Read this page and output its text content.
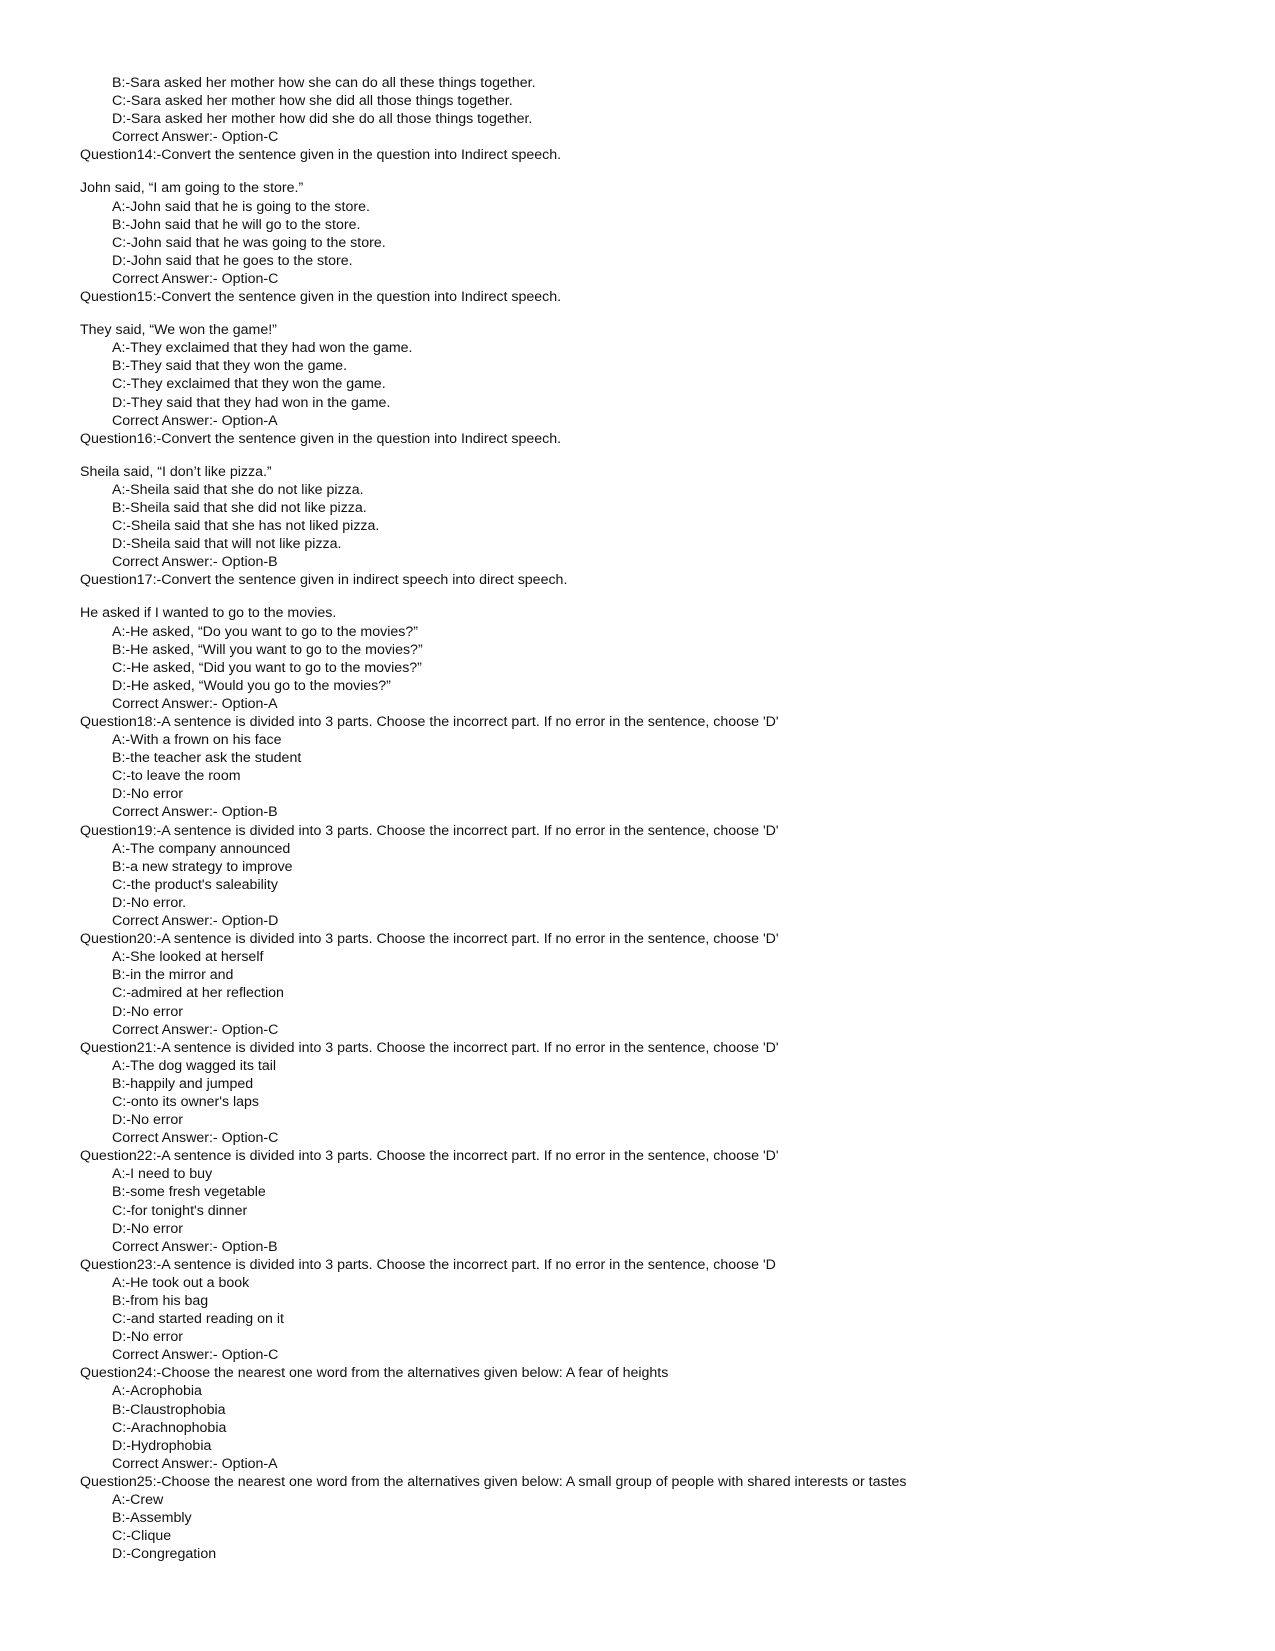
B:-Sara asked her mother how she can do all these things together.
C:-Sara asked her mother how she did all those things together.
D:-Sara asked her mother how did she do all those things together.
Correct Answer:- Option-C
Question14:-Convert the sentence given in the question into Indirect speech.
John said, “I am going to the store.”
A:-John said that he is going to the store.
B:-John said that he will go to the store.
C:-John said that he was going to the store.
D:-John said that he goes to the store.
Correct Answer:- Option-C
Question15:-Convert the sentence given in the question into Indirect speech.
They said, “We won the game!”
A:-They exclaimed that they had won the game.
B:-They said that they won the game.
C:-They exclaimed that they won the game.
D:-They said that they had won in the game.
Correct Answer:- Option-A
Question16:-Convert the sentence given in the question into Indirect speech.
Sheila said, “I don’t like pizza.”
A:-Sheila said that she do not like pizza.
B:-Sheila said that she did not like pizza.
C:-Sheila said that she has not liked pizza.
D:-Sheila said that will not like pizza.
Correct Answer:- Option-B
Question17:-Convert the sentence given in indirect speech into direct speech.
He asked if I wanted to go to the movies.
A:-He asked, “Do you want to go to the movies?”
B:-He asked, “Will you want to go to the movies?”
C:-He asked, “Did you want to go to the movies?”
D:-He asked, “Would you go to the movies?”
Correct Answer:- Option-A
Question18:-A sentence is divided into 3 parts. Choose the incorrect part. If no error in the sentence, choose 'D'
A:-With a frown on his face
B:-the teacher ask the student
C:-to leave the room
D:-No error
Correct Answer:- Option-B
Question19:-A sentence is divided into 3 parts. Choose the incorrect part. If no error in the sentence, choose 'D'
A:-The company announced
B:-a new strategy to improve
C:-the product's saleability
D:-No error.
Correct Answer:- Option-D
Question20:-A sentence is divided into 3 parts. Choose the incorrect part. If no error in the sentence, choose 'D'
A:-She looked at herself
B:-in the mirror and
C:-admired at her reflection
D:-No error
Correct Answer:- Option-C
Question21:-A sentence is divided into 3 parts. Choose the incorrect part. If no error in the sentence, choose 'D'
A:-The dog wagged its tail
B:-happily and jumped
C:-onto its owner's laps
D:-No error
Correct Answer:- Option-C
Question22:-A sentence is divided into 3 parts. Choose the incorrect part. If no error in the sentence, choose 'D'
A:-I need to buy
B:-some fresh vegetable
C:-for tonight's dinner
D:-No error
Correct Answer:- Option-B
Question23:-A sentence is divided into 3 parts. Choose the incorrect part. If no error in the sentence, choose 'D
A:-He took out a book
B:-from his bag
C:-and started reading on it
D:-No error
Correct Answer:- Option-C
Question24:-Choose the nearest one word from the alternatives given below: A fear of heights
A:-Acrophobia
B:-Claustrophobia
C:-Arachnophobia
D:-Hydrophobia
Correct Answer:- Option-A
Question25:-Choose the nearest one word from the alternatives given below: A small group of people with shared interests or tastes
A:-Crew
B:-Assembly
C:-Clique
D:-Congregation
